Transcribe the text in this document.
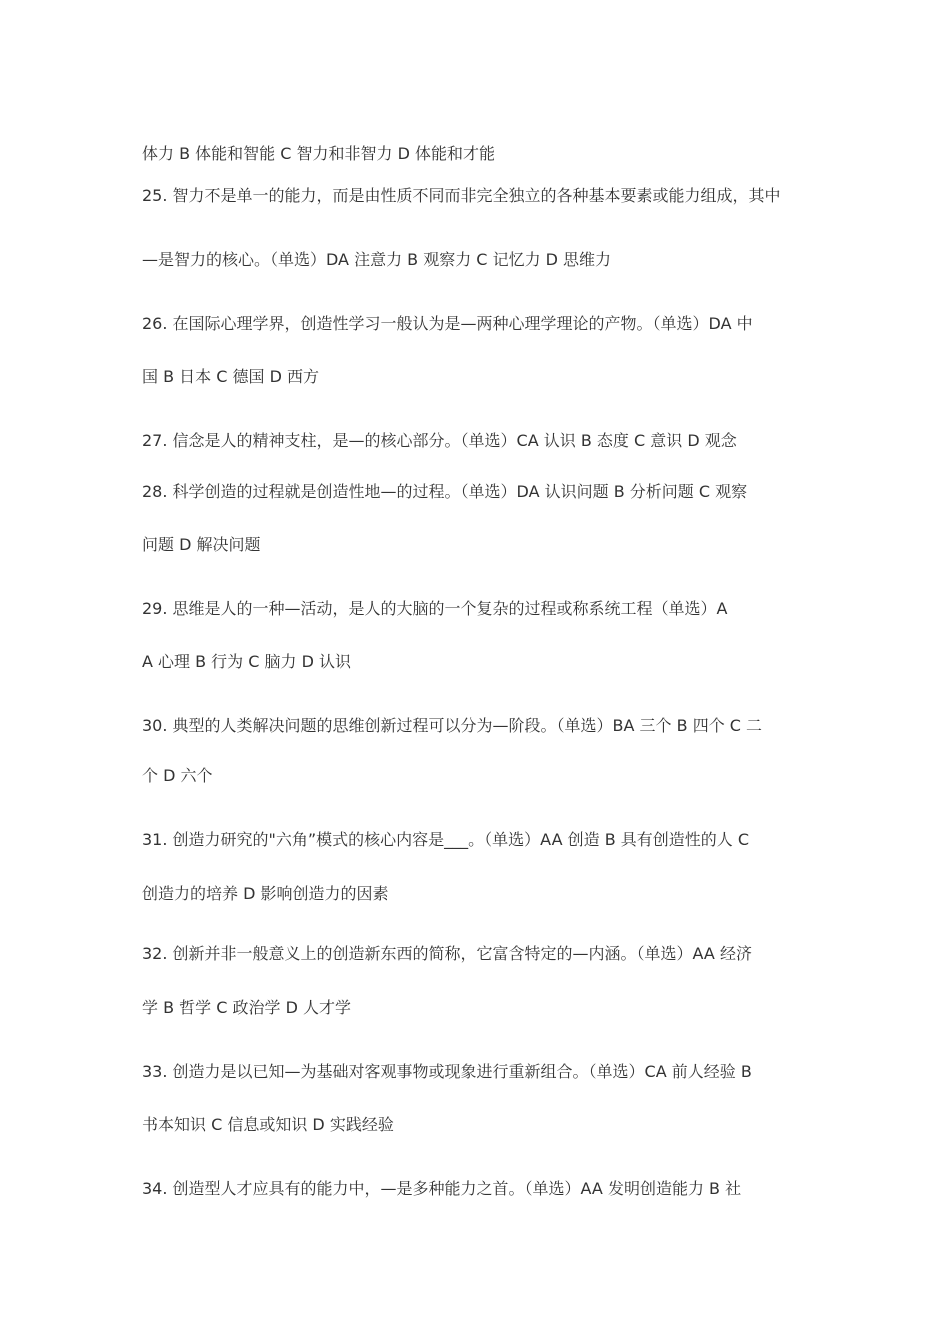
体力 B 体能和智能 C 智力和非智力 D 体能和才能
25. 智力不是单一的能力，而是由性质不同而非完全独立的各种基本要素或能力组成，其中
—是智力的核心。（单选）DA 注意力 B 观察力 C 记忆力 D 思维力
26. 在国际心理学界，创造性学习一般认为是—两种心理学理论的产物。（单选）DA 中
国 B 日本 C 德国 D 西方
27. 信念是人的精神支柱，是—的核心部分。（单选）CA 认识 B 态度 C 意识 D 观念
28. 科学创造的过程就是创造性地—的过程。（单选）DA 认识问题 B 分析问题 C 观察
问题 D 解决问题
29. 思维是人的一种—活动，是人的大脑的一个复杂的过程或称系统工程（单选）A
A 心理 B 行为 C 脑力 D 认识
30. 典型的人类解决问题的思维创新过程可以分为—阶段。（单选）BA 三个 B 四个 C 二
个 D 六个
31. 创造力研究的"六角”模式的核心内容是___。（单选）AA 创造 B 具有创造性的人 C
创造力的培养 D 影响创造力的因素
32. 创新并非一般意义上的创造新东西的简称，它富含特定的—内涵。（单选）AA 经济
学 B 哲学 C 政治学 D 人才学
33. 创造力是以已知—为基础对客观事物或现象进行重新组合。（单选）CA 前人经验 B
书本知识 C 信息或知识 D 实践经验
34. 创造型人才应具有的能力中，—是多种能力之首。（单选）AA 发明创造能力 B 社
